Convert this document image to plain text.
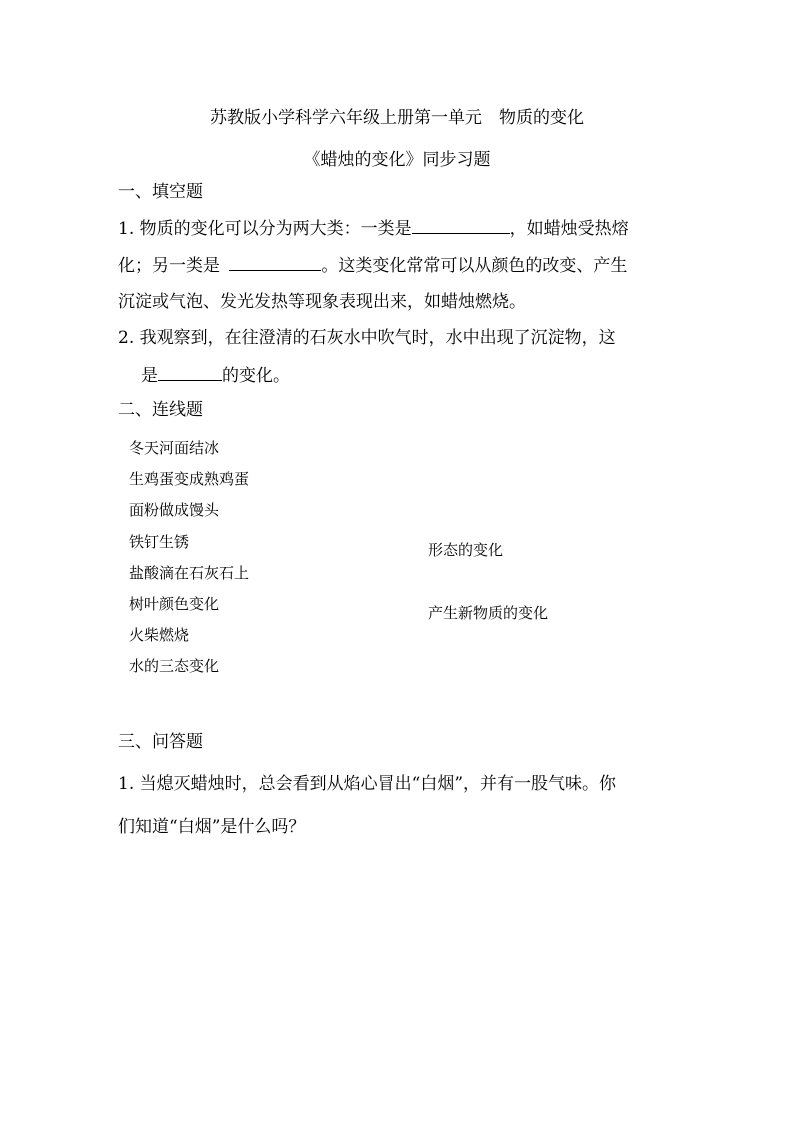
苏教版小学科学六年级上册第一单元　物质的变化
《蜡烛的变化》同步习题
一、填空题
1. 物质的变化可以分为两大类：一类是	，如蜡烛受热熔
化；另一类是	。这类变化常常可以从颜色的改变、产生
沉淀或气泡、发光发热等现象表现出来，如蜡烛燃烧。
2. 我观察到，在往澄清的石灰水中吹气时，水中出现了沉淀物，这
是	的变化。
二、连线题
冬天河面结冰
生鸡蛋变成熟鸡蛋
面粉做成馒头
铁钉生锈
盐酸滴在石灰石上
树叶颜色变化
火柴燃烧
水的三态变化
形态的变化
产生新物质的变化
三、问答题
1. 当熄灭蜡烛时，总会看到从焰心冒出“白烟”，并有一股气味。你
们知道“白烟”是什么吗？
